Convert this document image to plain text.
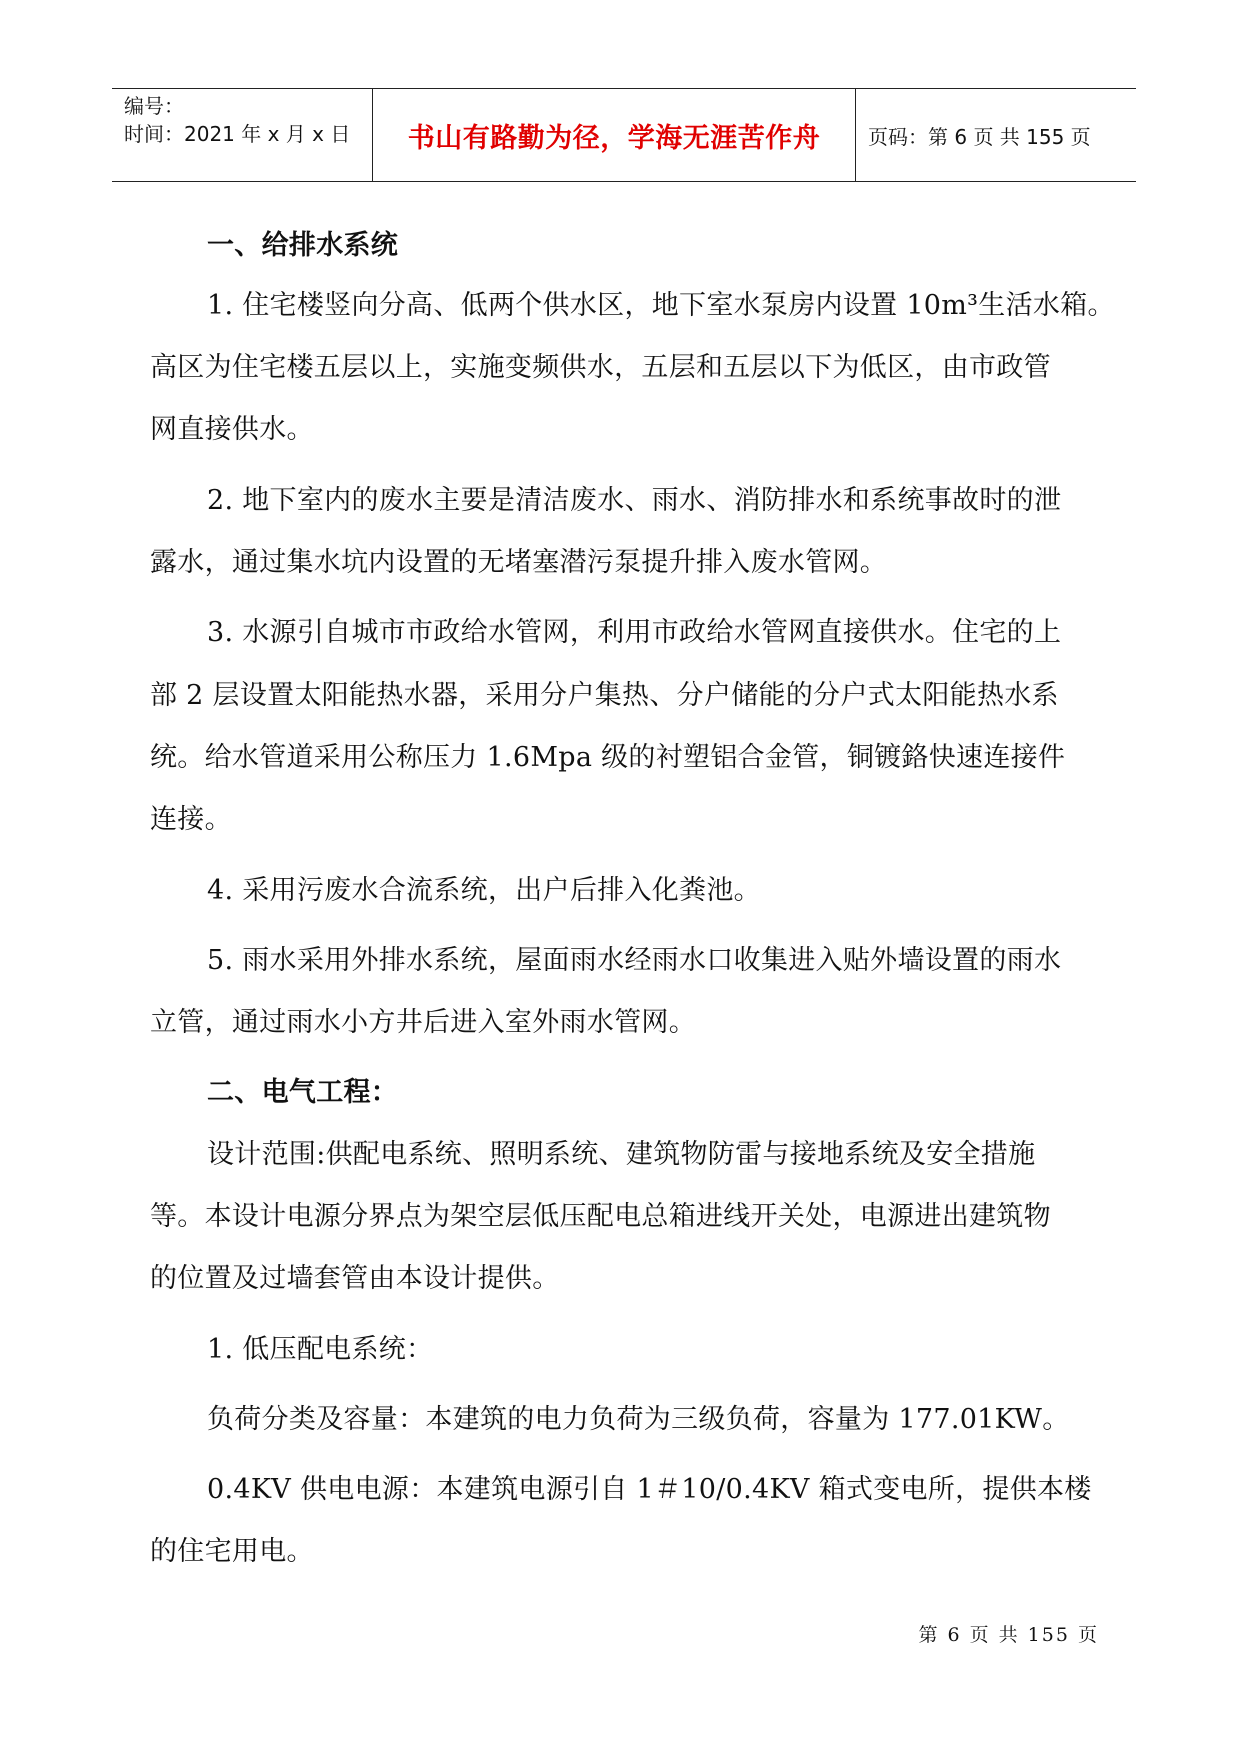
编号：
时间：2021 年 x 月 x 日	书山有路勤为径，学海无涯苦作舟	页码：第 6 页 共 155 页
一、给排水系统
1. 住宅楼竖向分高、低两个供水区，地下室水泵房内设置 10m³生活水箱。
高区为住宅楼五层以上，实施变频供水，五层和五层以下为低区，由市政管
网直接供水。
2. 地下室内的废水主要是清洁废水、雨水、消防排水和系统事故时的泄
露水，通过集水坑内设置的无堵塞潜污泵提升排入废水管网。
3. 水源引自城市市政给水管网，利用市政给水管网直接供水。住宅的上
部 2 层设置太阳能热水器，采用分户集热、分户储能的分户式太阳能热水系
统。给水管道采用公称压力 1.6Mpa 级的衬塑铝合金管，铜镀鉻快速连接件
连接。
4. 采用污废水合流系统，出户后排入化粪池。
5. 雨水采用外排水系统，屋面雨水经雨水口收集进入贴外墙设置的雨水
立管，通过雨水小方井后进入室外雨水管网。
二、电气工程：
设计范围:供配电系统、照明系统、建筑物防雷与接地系统及安全措施
等。本设计电源分界点为架空层低压配电总箱进线开关处，电源进出建筑物
的位置及过墙套管由本设计提供。
1. 低压配电系统：
负荷分类及容量：本建筑的电力负荷为三级负荷，容量为 177.01KW。
0.4KV 供电电源：本建筑电源引自 1＃10/0.4KV 箱式变电所，提供本楼
的住宅用电。
第 6 页 共 155 页
